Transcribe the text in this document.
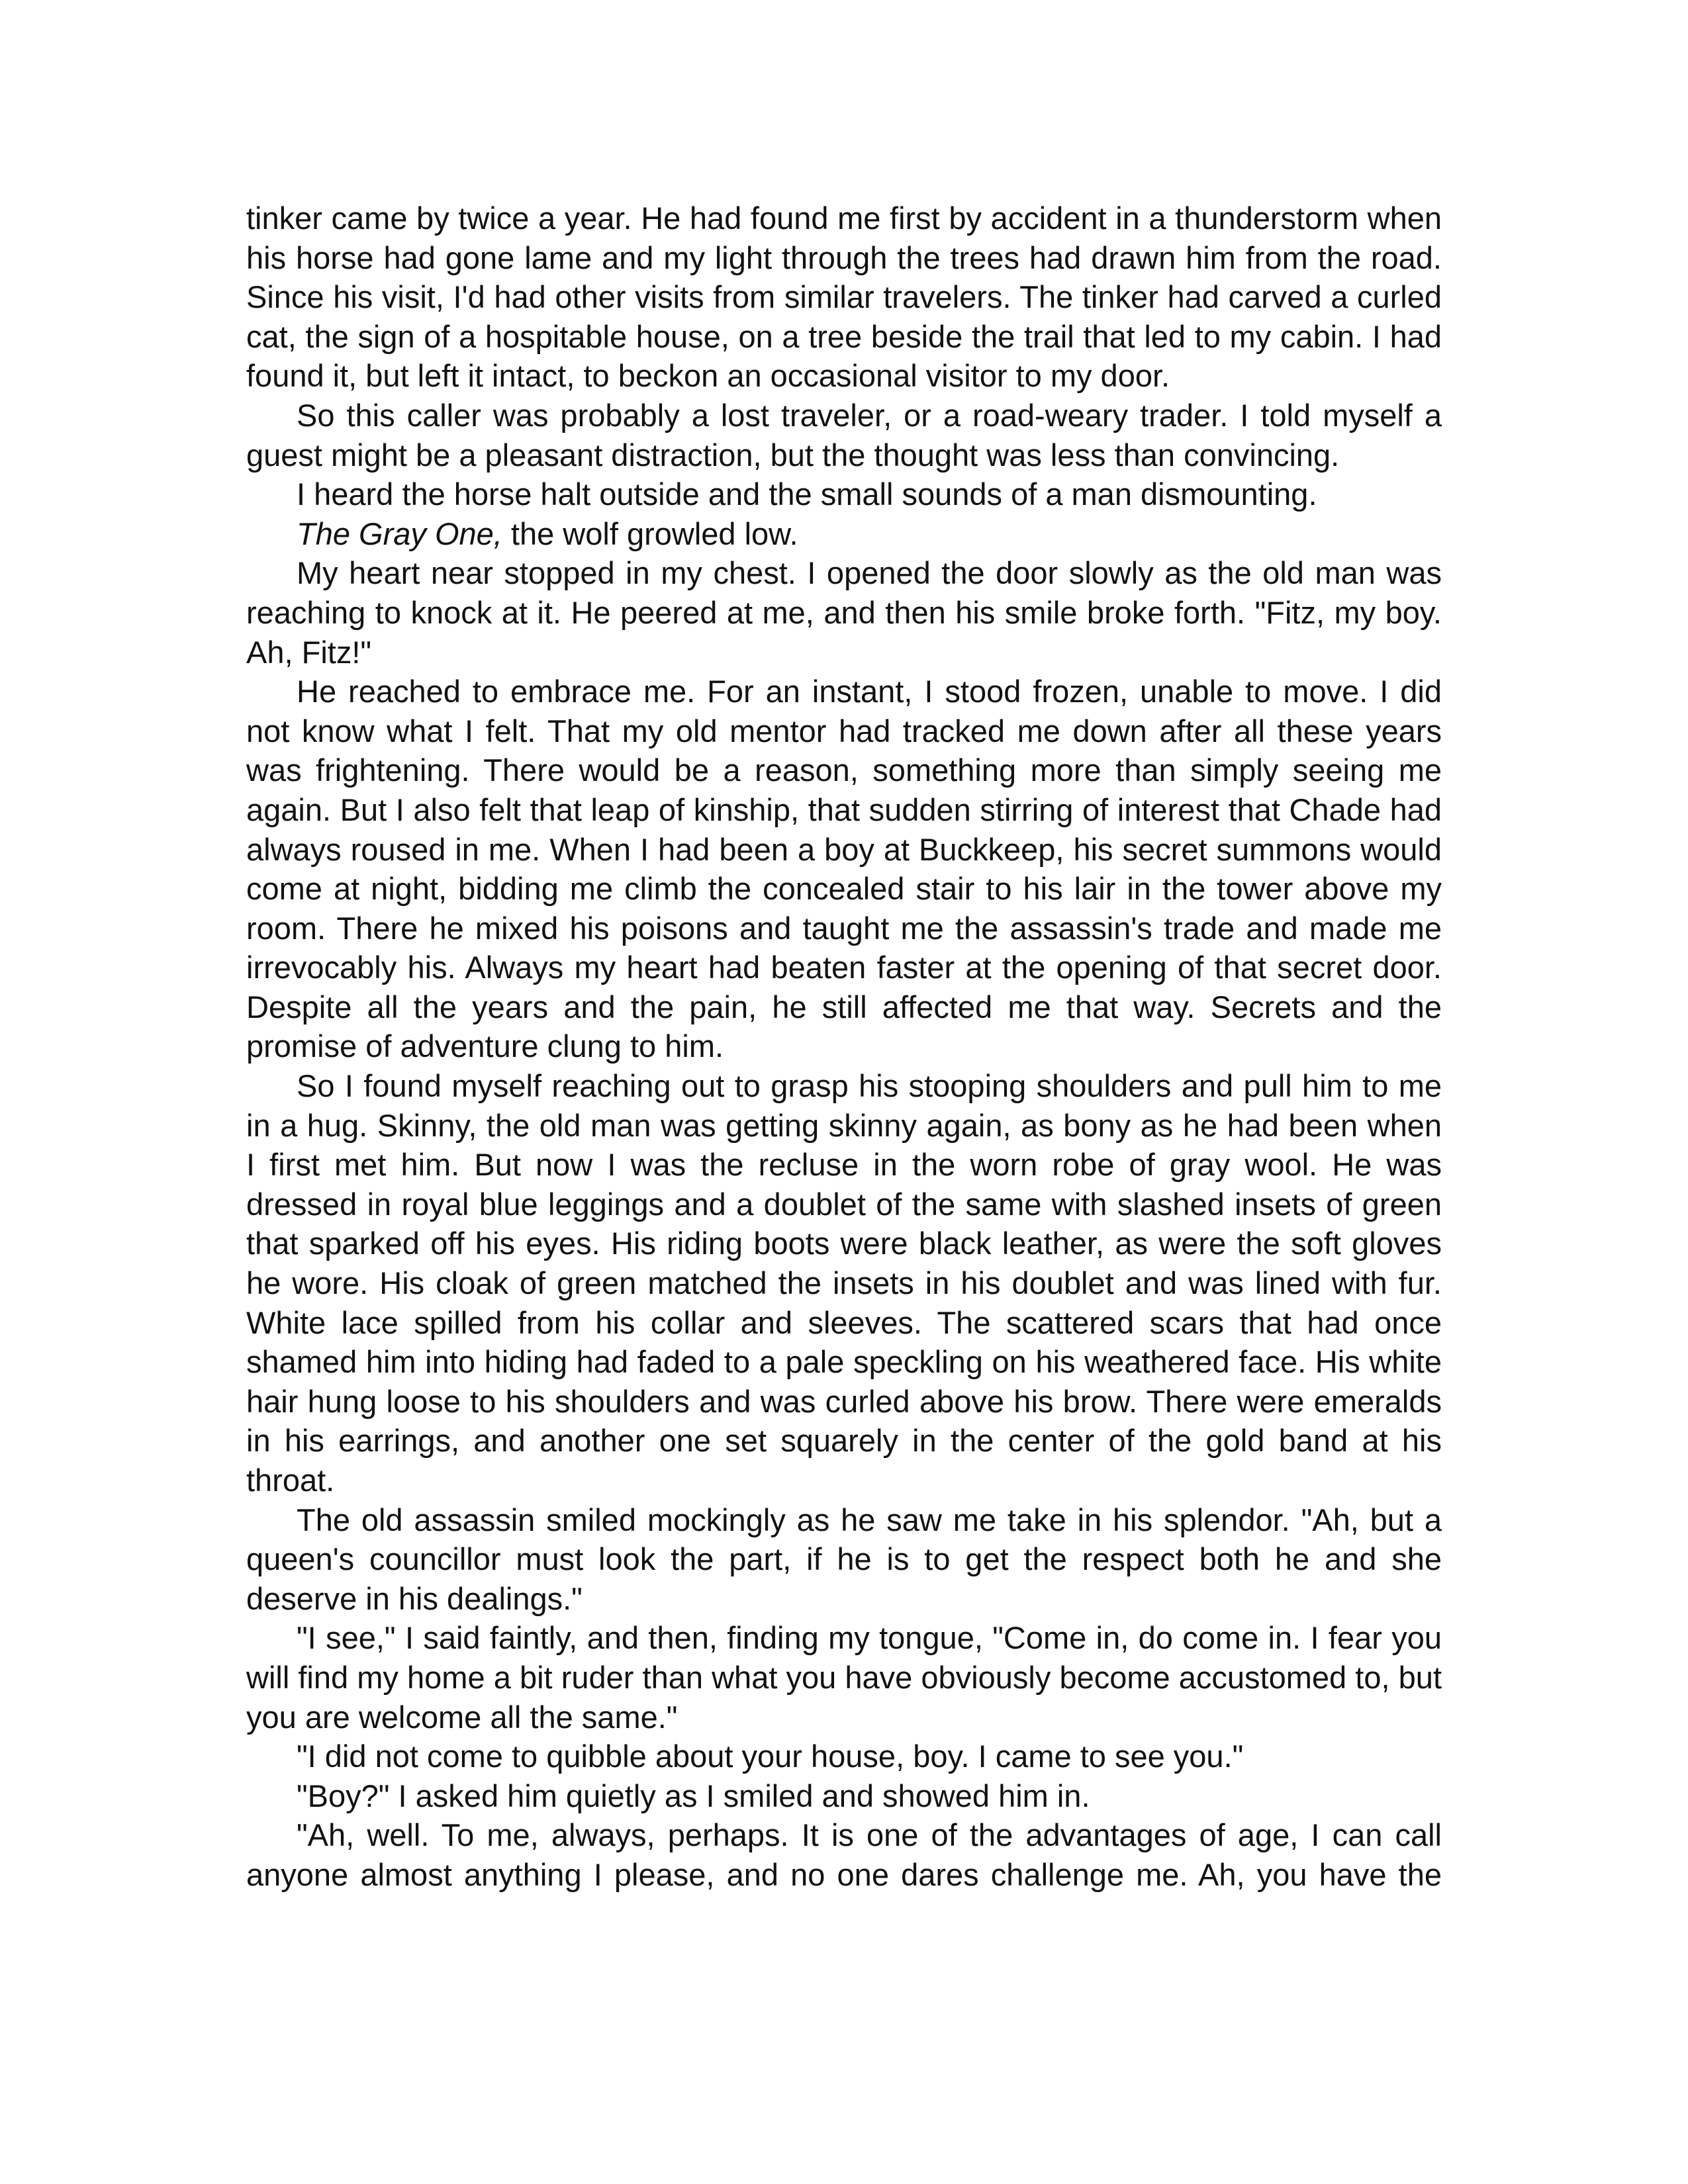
tinker came by twice a year. He had found me first by accident in a thunderstorm when his horse had gone lame and my light through the trees had drawn him from the road. Since his visit, I'd had other visits from similar travelers. The tinker had carved a curled cat, the sign of a hospitable house, on a tree beside the trail that led to my cabin. I had found it, but left it intact, to beckon an occasional visitor to my door.

So this caller was probably a lost traveler, or a road-weary trader. I told myself a guest might be a pleasant distraction, but the thought was less than convincing.

I heard the horse halt outside and the small sounds of a man dismounting.

The Gray One, the wolf growled low.

My heart near stopped in my chest. I opened the door slowly as the old man was reaching to knock at it. He peered at me, and then his smile broke forth. "Fitz, my boy. Ah, Fitz!"

He reached to embrace me. For an instant, I stood frozen, unable to move. I did not know what I felt. That my old mentor had tracked me down after all these years was frightening. There would be a reason, something more than simply seeing me again. But I also felt that leap of kinship, that sudden stirring of interest that Chade had always roused in me. When I had been a boy at Buckkeep, his secret summons would come at night, bidding me climb the concealed stair to his lair in the tower above my room. There he mixed his poisons and taught me the assassin's trade and made me irrevocably his. Always my heart had beaten faster at the opening of that secret door. Despite all the years and the pain, he still affected me that way. Secrets and the promise of adventure clung to him.

So I found myself reaching out to grasp his stooping shoulders and pull him to me in a hug. Skinny, the old man was getting skinny again, as bony as he had been when I first met him. But now I was the recluse in the worn robe of gray wool. He was dressed in royal blue leggings and a doublet of the same with slashed insets of green that sparked off his eyes. His riding boots were black leather, as were the soft gloves he wore. His cloak of green matched the insets in his doublet and was lined with fur. White lace spilled from his collar and sleeves. The scattered scars that had once shamed him into hiding had faded to a pale speckling on his weathered face. His white hair hung loose to his shoulders and was curled above his brow. There were emeralds in his earrings, and another one set squarely in the center of the gold band at his throat.

The old assassin smiled mockingly as he saw me take in his splendor. "Ah, but a queen's councillor must look the part, if he is to get the respect both he and she deserve in his dealings."

"I see," I said faintly, and then, finding my tongue, "Come in, do come in. I fear you will find my home a bit ruder than what you have obviously become accustomed to, but you are welcome all the same."

"I did not come to quibble about your house, boy. I came to see you."

"Boy?" I asked him quietly as I smiled and showed him in.

"Ah, well. To me, always, perhaps. It is one of the advantages of age, I can call anyone almost anything I please, and no one dares challenge me. Ah, you have the
